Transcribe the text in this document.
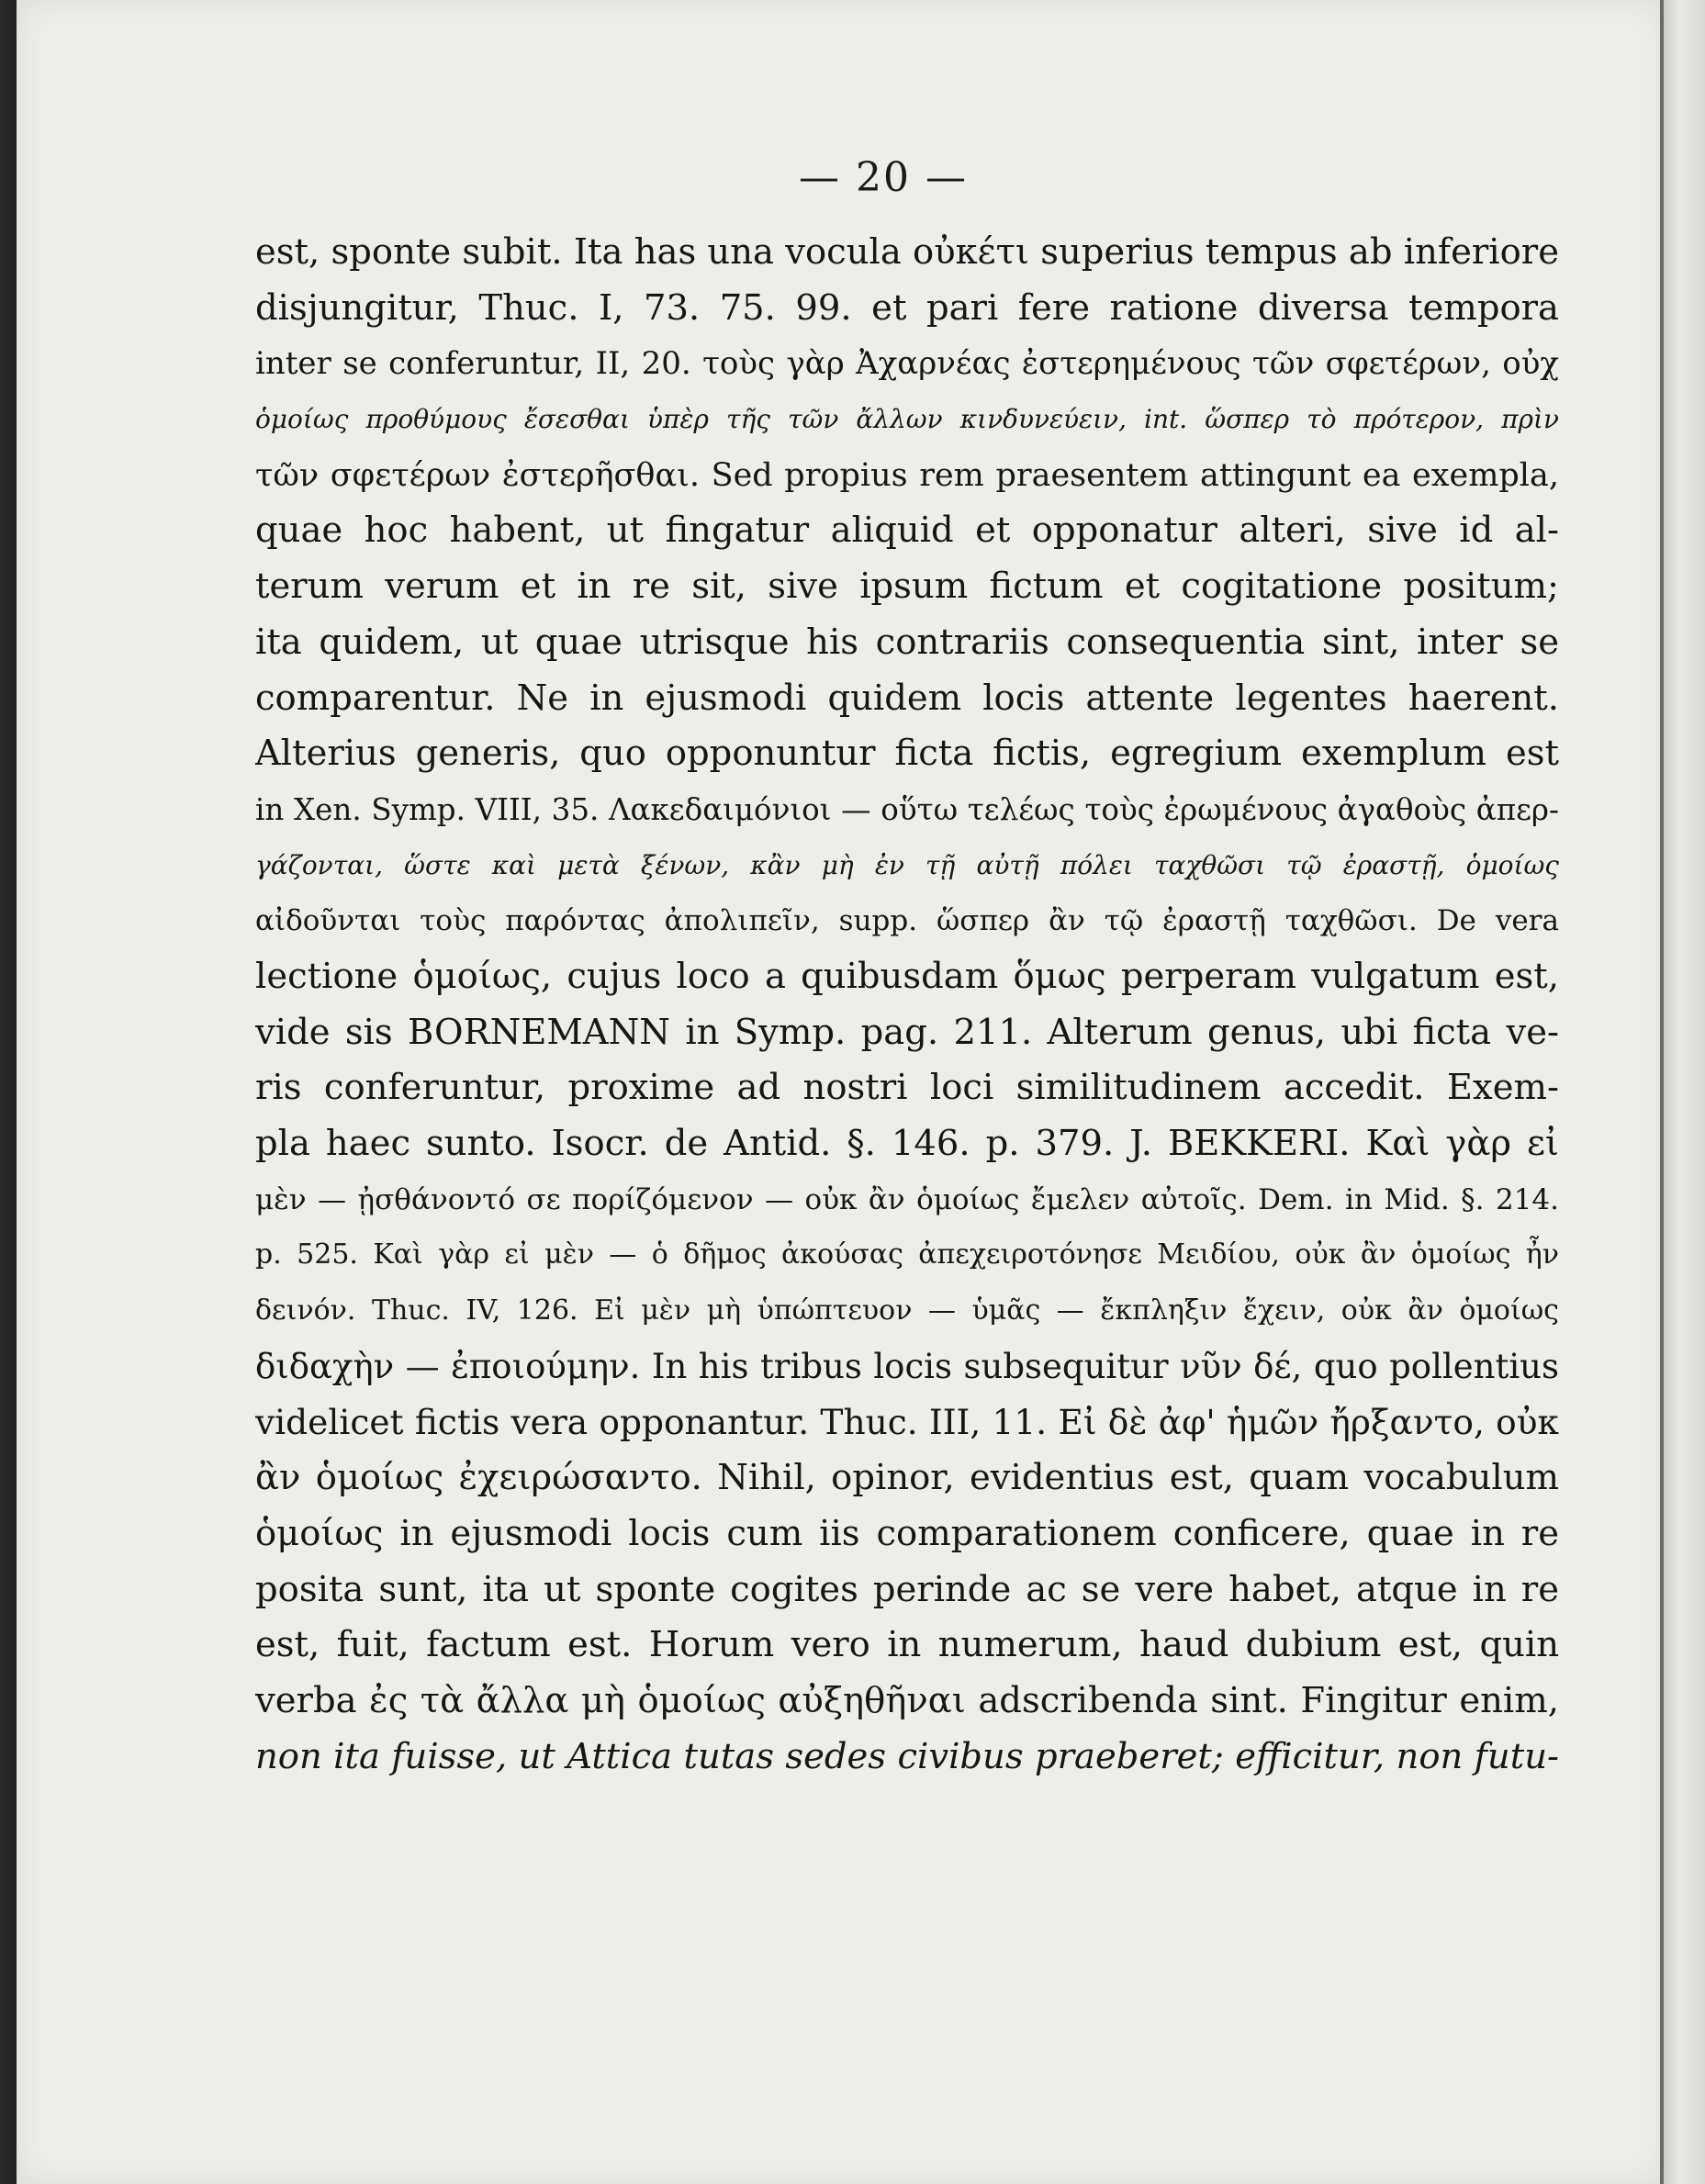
— 20 —
est, sponte subit. Ita has una vocula οὐκέτι superius tempus ab inferiore
disjungitur, Thuc. I, 73. 75. 99. et pari fere ratione diversa tempora
inter se conferuntur, II, 20. τοὺς γὰρ Ἀχαρνέας ἐστερημένους τῶν σφετέρων, οὐχ
ὁμοίως προθύμους ἔσεσθαι ὑπὲρ τῆς τῶν ἄλλων κινδυνεύειν, int. ὥσπερ τὸ πρότερον, πρὶν
τῶν σφετέρων ἐστερῆσθαι. Sed propius rem praesentem attingunt ea exempla,
quae hoc habent, ut fingatur aliquid et opponatur alteri, sive id al-
terum verum et in re sit, sive ipsum fictum et cogitatione positum;
ita quidem, ut quae utrisque his contrariis consequentia sint, inter se
comparentur. Ne in ejusmodi quidem locis attente legentes haerent.
Alterius generis, quo opponuntur ficta fictis, egregium exemplum est
in Xen. Symp. VIII, 35. Λακεδαιμόνιοι — οὕτω τελέως τοὺς ἐρωμένους ἀγαθοὺς ἀπερ-
γάζονται, ὥστε καὶ μετὰ ξένων, κἂν μὴ ἐν τῇ αὐτῇ πόλει ταχθῶσι τῷ ἐραστῇ, ὁμοίως
αἰδοῦνται τοὺς παρόντας ἀπολιπεῖν, supp. ὥσπερ ἂν τῷ ἐραστῇ ταχθῶσι. De vera
lectione ὁμοίως, cujus loco a quibusdam ὅμως perperam vulgatum est,
vide sis BORNEMANN in Symp. pag. 211. Alterum genus, ubi ficta ve-
ris conferuntur, proxime ad nostri loci similitudinem accedit. Exem-
pla haec sunto. Isocr. de Antid. §. 146. p. 379. J. BEKKERI. Καὶ γὰρ εἰ
μὲν — ᾐσθάνοντό σε πορίζόμενον — οὐκ ἂν ὁμοίως ἔμελεν αὐτοῖς. Dem. in Mid. §. 214.
p. 525. Καὶ γὰρ εἰ μὲν — ὁ δῆμος ἀκούσας ἀπεχειροτόνησε Μειδίου, οὐκ ἂν ὁμοίως ἦν
δεινόν. Thuc. IV, 126. Εἰ μὲν μὴ ὑπώπτευον — ὑμᾶς — ἔκπληξιν ἔχειν, οὐκ ἂν ὁμοίως
διδαχὴν — ἐποιούμην. In his tribus locis subsequitur νῦν δέ, quo pollentius
videlicet fictis vera opponantur. Thuc. III, 11. Εἰ δὲ ἀφ' ἡμῶν ἤρξαντο, οὐκ
ἂν ὁμοίως ἐχειρώσαντο. Nihil, opinor, evidentius est, quam vocabulum
ὁμοίως in ejusmodi locis cum iis comparationem conficere, quae in re
posita sunt, ita ut sponte cogites perinde ac se vere habet, atque in re
est, fuit, factum est. Horum vero in numerum, haud dubium est, quin
verba ἐς τὰ ἄλλα μὴ ὁμοίως αὐξηθῆναι adscribenda sint. Fingitur enim,
non ita fuisse, ut Attica tutas sedes civibus praeberet; efficitur, non futu-
